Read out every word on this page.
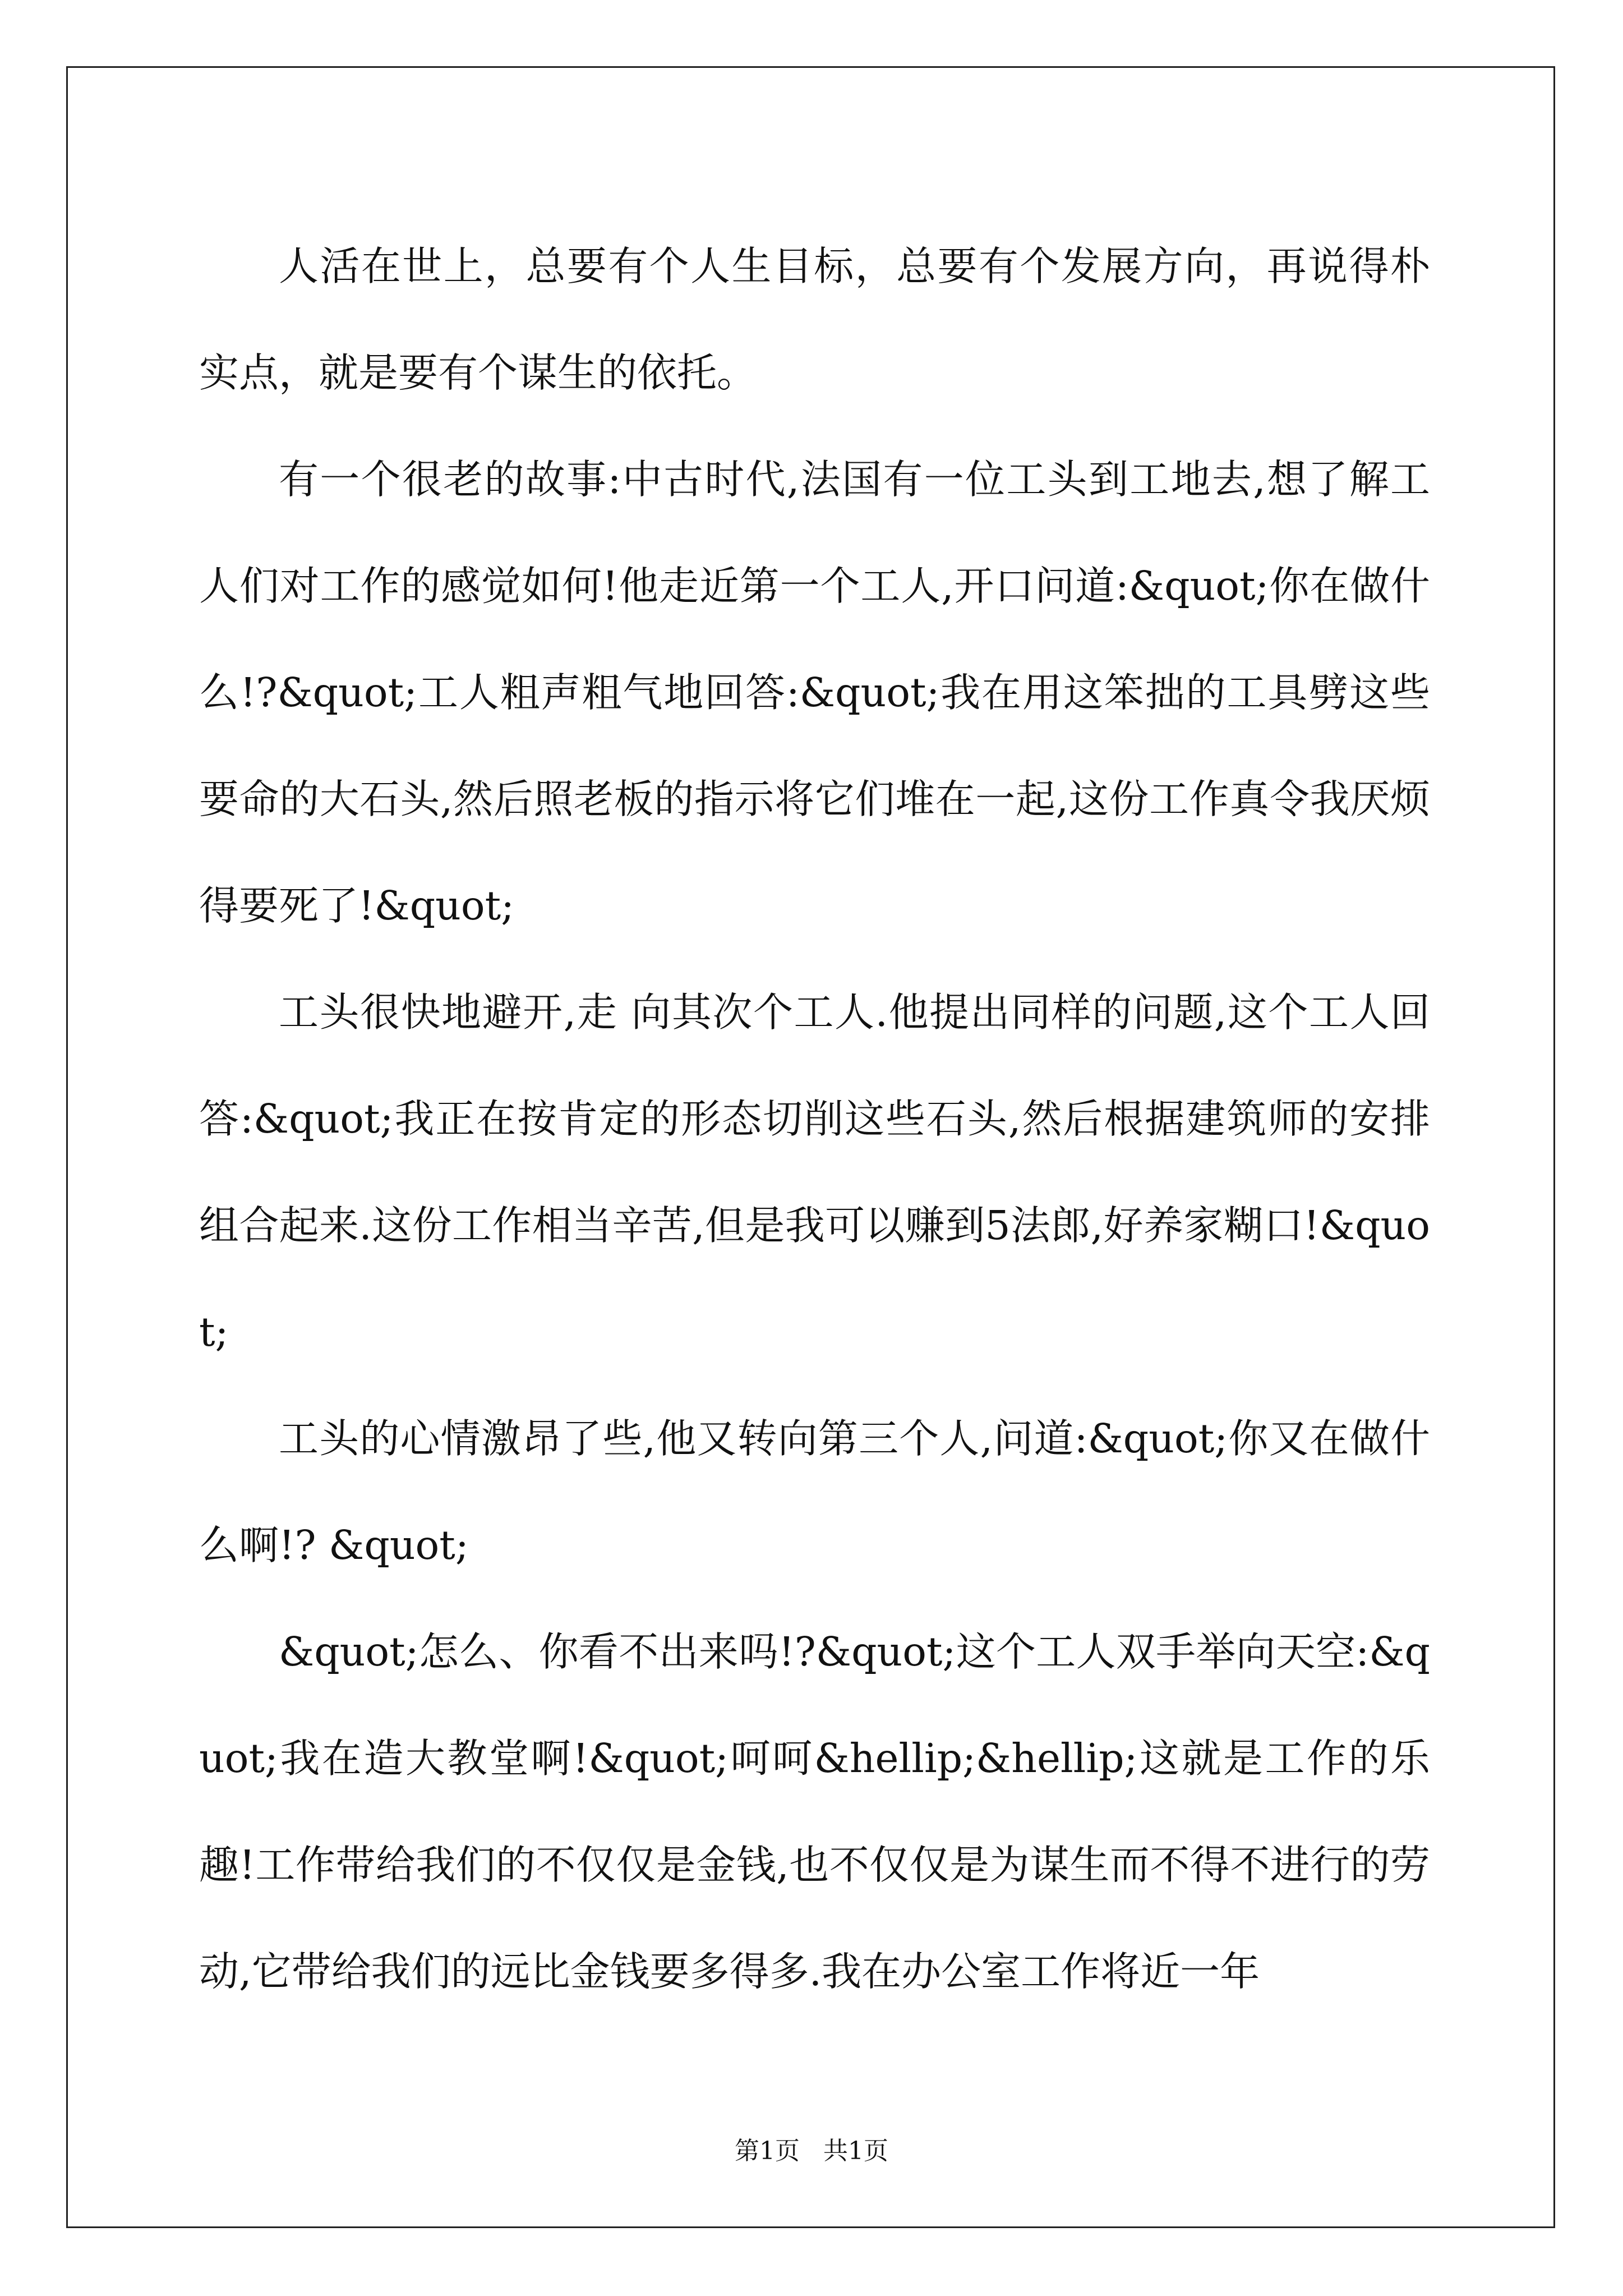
人活在世上，总要有个人生目标，总要有个发展方向，再说得朴实点，就是要有个谋生的依托。

有一个很老的故事:中古时代,法国有一位工头到工地去,想了解工人们对工作的感觉如何!他走近第一个工人,开口问道:&quot;你在做什么!?&quot;工人粗声粗气地回答:&quot;我在用这笨拙的工具劈这些要命的大石头,然后照老板的指示将它们堆在一起,这份工作真令我厌烦得要死了!&quot;

工头很快地避开,走 向其次个工人.他提出同样的问题,这个工人回答:&quot;我正在按肯定的形态切削这些石头,然后根据建筑师的安排组合起来.这份工作相当辛苦,但是我可以赚到5法郎,好养家糊口!&quot;

工头的心情激昂了些,他又转向第三个人,问道:&quot;你又在做什么啊!? &quot;

&quot;怎么、你看不出来吗!?&quot;这个工人双手举向天空:&quot;我在造大教堂啊!&quot;呵呵&hellip;&hellip;这就是工作的乐趣!工作带给我们的不仅仅是金钱,也不仅仅是为谋生而不得不进行的劳动,它带给我们的远比金钱要多得多.我在办公室工作将近一年

第1页   共1页
